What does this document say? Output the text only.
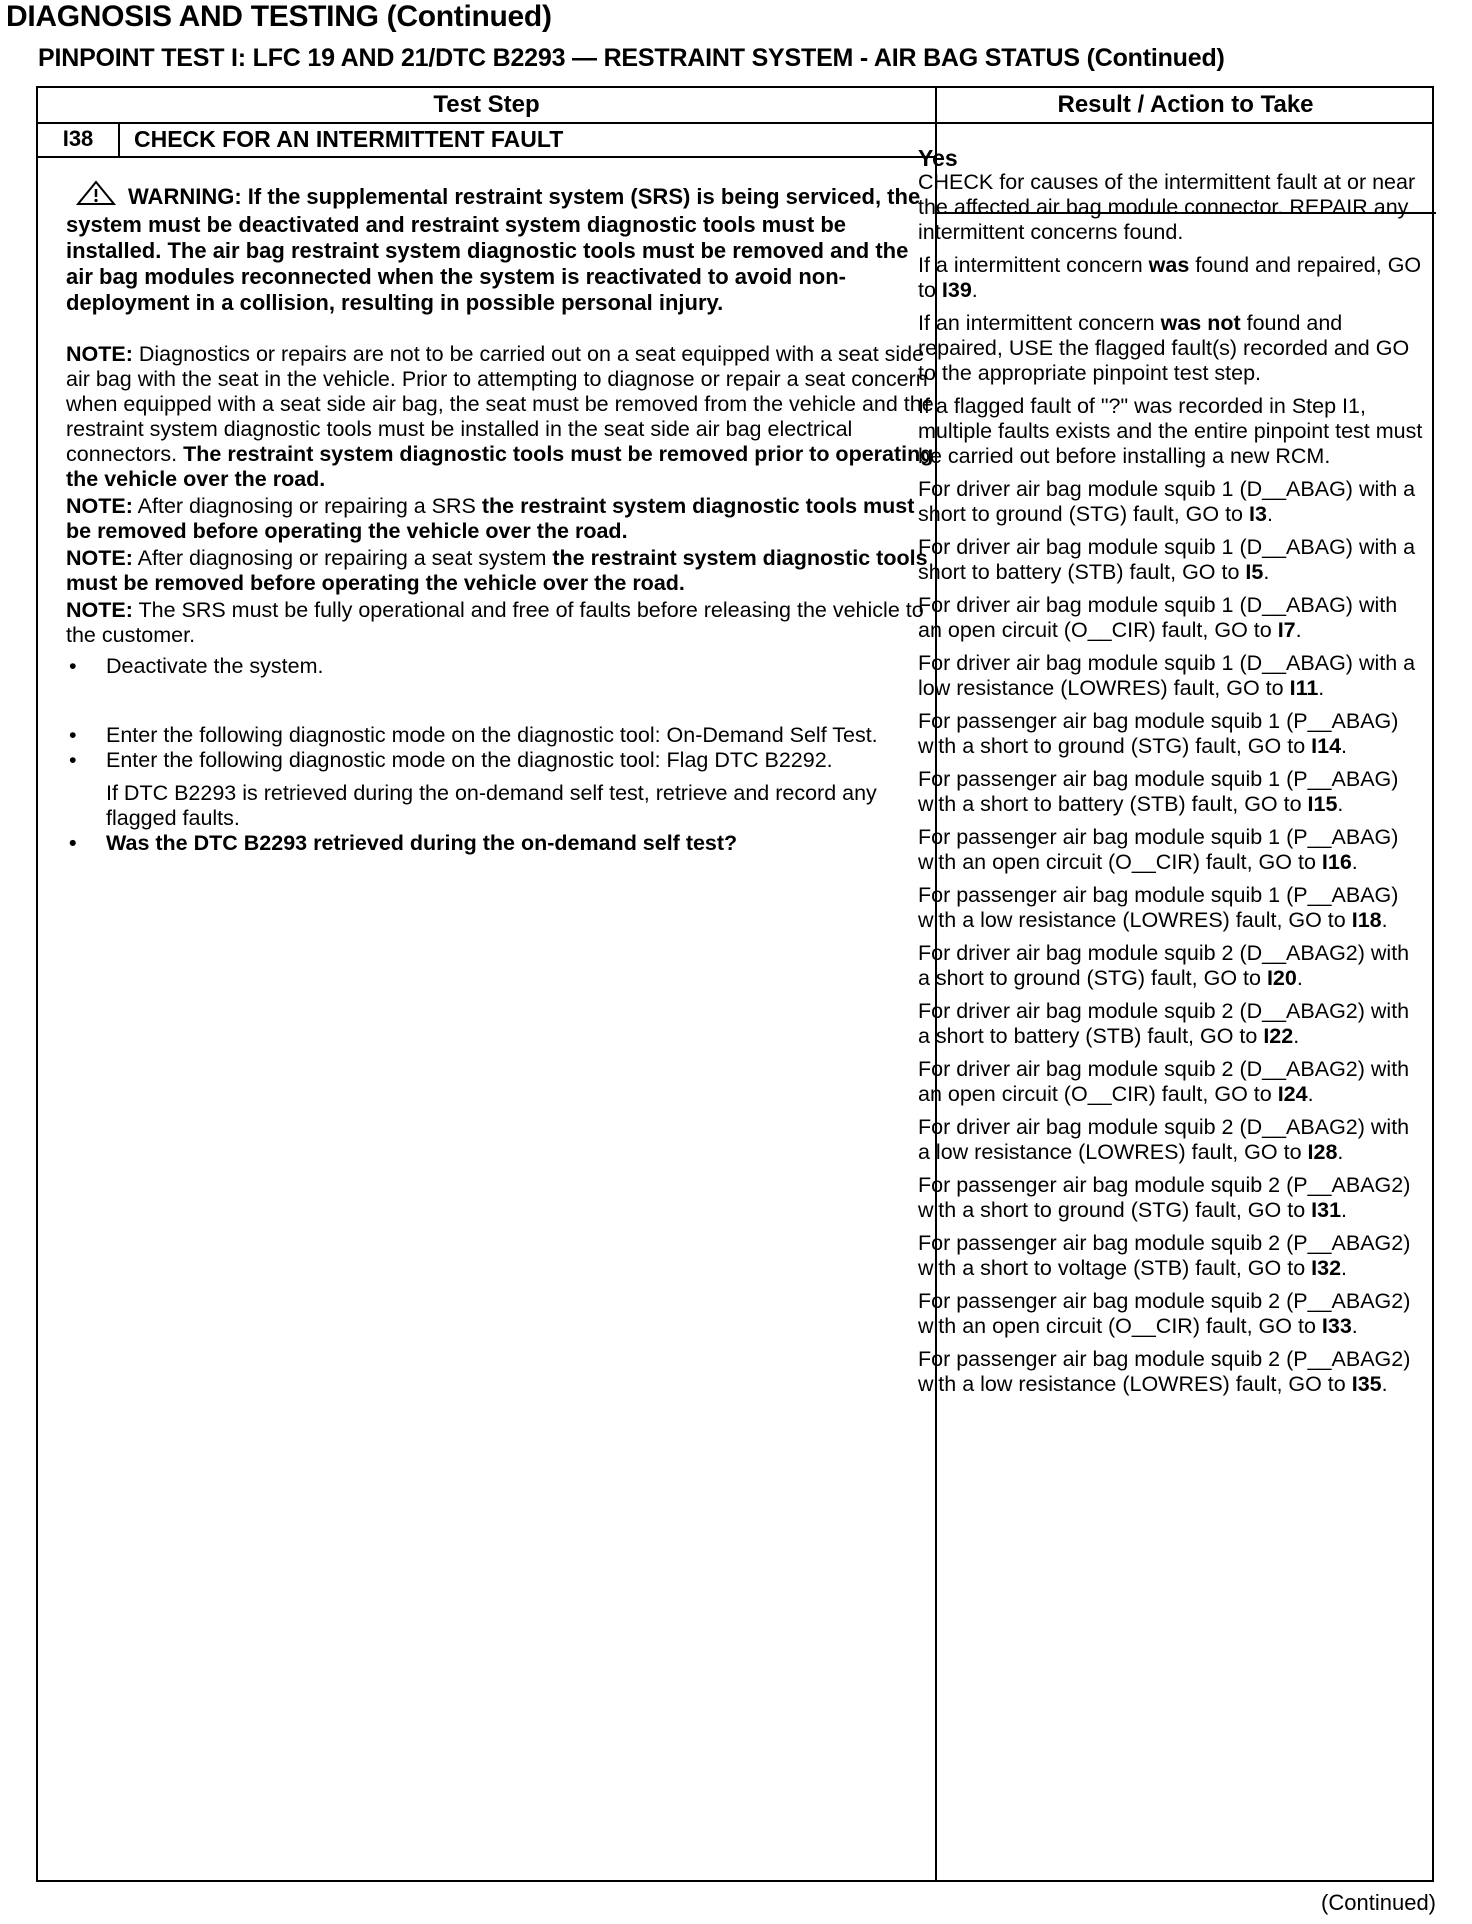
DIAGNOSIS AND TESTING (Continued)
PINPOINT TEST I: LFC 19 AND 21/DTC B2293 — RESTRAINT SYSTEM - AIR BAG STATUS (Continued)
Test Step	Result / Action to Take
I38	CHECK FOR AN INTERMITTENT FAULT
WARNING: If the supplemental restraint system (SRS) is being serviced, the system must be deactivated and restraint system diagnostic tools must be installed. The air bag restraint system diagnostic tools must be removed and the air bag modules reconnected when the system is reactivated to avoid non-deployment in a collision, resulting in possible personal injury.
NOTE: Diagnostics or repairs are not to be carried out on a seat equipped with a seat side air bag with the seat in the vehicle. Prior to attempting to diagnose or repair a seat concern when equipped with a seat side air bag, the seat must be removed from the vehicle and the restraint system diagnostic tools must be installed in the seat side air bag electrical connectors. The restraint system diagnostic tools must be removed prior to operating the vehicle over the road.
NOTE: After diagnosing or repairing a SRS the restraint system diagnostic tools must be removed before operating the vehicle over the road.
NOTE: After diagnosing or repairing a seat system the restraint system diagnostic tools must be removed before operating the vehicle over the road.
NOTE: The SRS must be fully operational and free of faults before releasing the vehicle to the customer.
• Deactivate the system.
• Enter the following diagnostic mode on the diagnostic tool: On-Demand Self Test.
• Enter the following diagnostic mode on the diagnostic tool: Flag DTC B2292.
If DTC B2293 is retrieved during the on-demand self test, retrieve and record any flagged faults.
• Was the DTC B2293 retrieved during the on-demand self test?
Yes

CHECK for causes of the intermittent fault at or near the affected air bag module connector. REPAIR any intermittent concerns found.

If a intermittent concern was found and repaired, GO to I39.

If an intermittent concern was not found and repaired, USE the flagged fault(s) recorded and GO to the appropriate pinpoint test step.

If a flagged fault of "?" was recorded in Step I1, multiple faults exists and the entire pinpoint test must be carried out before installing a new RCM.

For driver air bag module squib 1 (D__ABAG) with a short to ground (STG) fault, GO to I3.

For driver air bag module squib 1 (D__ABAG) with a short to battery (STB) fault, GO to I5.

For driver air bag module squib 1 (D__ABAG) with an open circuit (O__CIR) fault, GO to I7.

For driver air bag module squib 1 (D__ABAG) with a low resistance (LOWRES) fault, GO to I11.

For passenger air bag module squib 1 (P__ABAG) with a short to ground (STG) fault, GO to I14.

For passenger air bag module squib 1 (P__ABAG) with a short to battery (STB) fault, GO to I15.

For passenger air bag module squib 1 (P__ABAG) with an open circuit (O__CIR) fault, GO to I16.

For passenger air bag module squib 1 (P__ABAG) with a low resistance (LOWRES) fault, GO to I18.

For driver air bag module squib 2 (D__ABAG2) with a short to ground (STG) fault, GO to I20.

For driver air bag module squib 2 (D__ABAG2) with a short to battery (STB) fault, GO to I22.

For driver air bag module squib 2 (D__ABAG2) with an open circuit (O__CIR) fault, GO to I24.

For driver air bag module squib 2 (D__ABAG2) with a low resistance (LOWRES) fault, GO to I28.

For passenger air bag module squib 2 (P__ABAG2) with a short to ground (STG) fault, GO to I31.

For passenger air bag module squib 2 (P__ABAG2) with a short to voltage (STB) fault, GO to I32.

For passenger air bag module squib 2 (P__ABAG2) with an open circuit (O__CIR) fault, GO to I33.

For passenger air bag module squib 2 (P__ABAG2) with a low resistance (LOWRES) fault, GO to I35.

(Continued)
